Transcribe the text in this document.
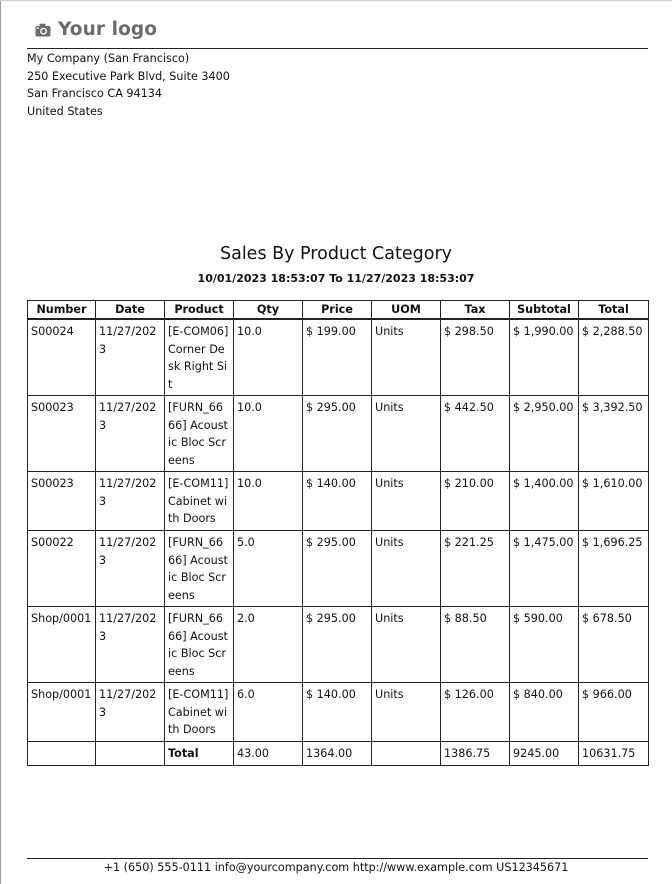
Your logo
My Company (San Francisco)
250 Executive Park Blvd, Suite 3400
San Francisco CA 94134
United States
Sales By Product Category
10/01/2023 18:53:07 To 11/27/2023 18:53:07
Number	Date	Product	Qty	Price	UOM	Tax	Subtotal	Total
S00024	11/27/2023	[E-COM06] Corner Desk Right Sit	10.0	$ 199.00	Units	$ 298.50	$ 1,990.00	$ 2,288.50
S00023	11/27/2023	[FURN_6666] Acoustic Bloc Screens	10.0	$ 295.00	Units	$ 442.50	$ 2,950.00	$ 3,392.50
S00023	11/27/2023	[E-COM11] Cabinet with Doors	10.0	$ 140.00	Units	$ 210.00	$ 1,400.00	$ 1,610.00
S00022	11/27/2023	[FURN_6666] Acoustic Bloc Screens	5.0	$ 295.00	Units	$ 221.25	$ 1,475.00	$ 1,696.25
Shop/0001	11/27/2023	[FURN_6666] Acoustic Bloc Screens	2.0	$ 295.00	Units	$ 88.50	$ 590.00	$ 678.50
Shop/0001	11/27/2023	[E-COM11] Cabinet with Doors	6.0	$ 140.00	Units	$ 126.00	$ 840.00	$ 966.00
		Total	43.00	1364.00		1386.75	9245.00	10631.75
+1 (650) 555-0111 info@yourcompany.com http://www.example.com US12345671
